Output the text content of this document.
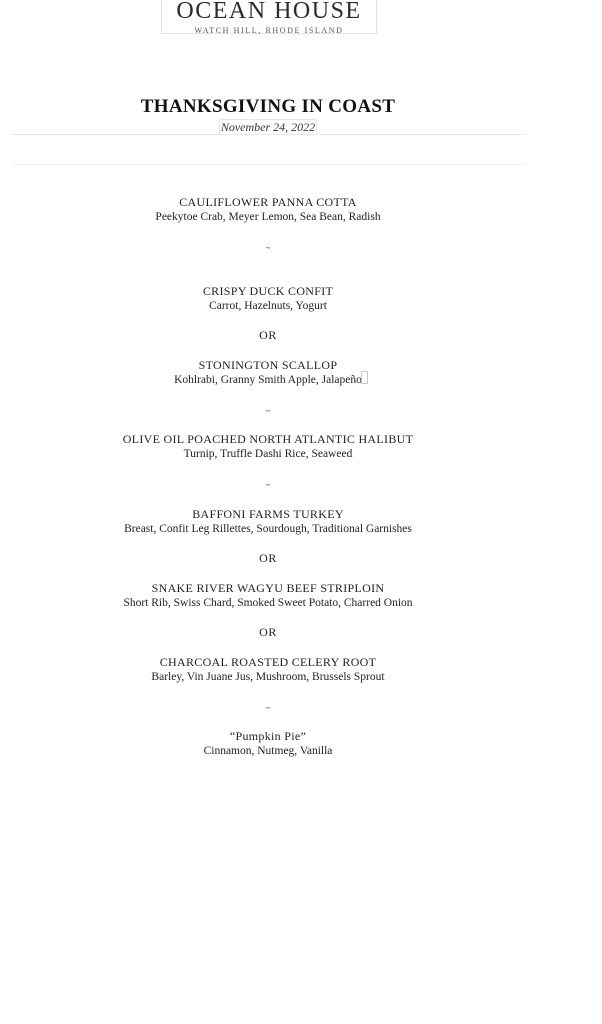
OCEAN HOUSE
WATCH HILL, RHODE ISLAND
THANKSGIVING IN COAST
November 24, 2022
CAULIFLOWER PANNA COTTA
Peekytoe Crab, Meyer Lemon, Sea Bean, Radish
~
CRISPY DUCK CONFIT
Carrot, Hazelnuts, Yogurt
OR
STONINGTON SCALLOP
Kohlrabi, Granny Smith Apple, Jalapeño
~
OLIVE OIL POACHED NORTH ATLANTIC HALIBUT
Turnip, Truffle Dashi Rice, Seaweed
~
BAFFONI FARMS TURKEY
Breast, Confit Leg Rillettes, Sourdough, Traditional Garnishes
OR
SNAKE RIVER WAGYU BEEF STRIPLOIN
Short Rib, Swiss Chard, Smoked Sweet Potato, Charred Onion
OR
CHARCOAL ROASTED CELERY ROOT
Barley, Vin Juane Jus, Mushroom, Brussels Sprout
~
“Pumpkin Pie”
Cinnamon, Nutmeg, Vanilla
